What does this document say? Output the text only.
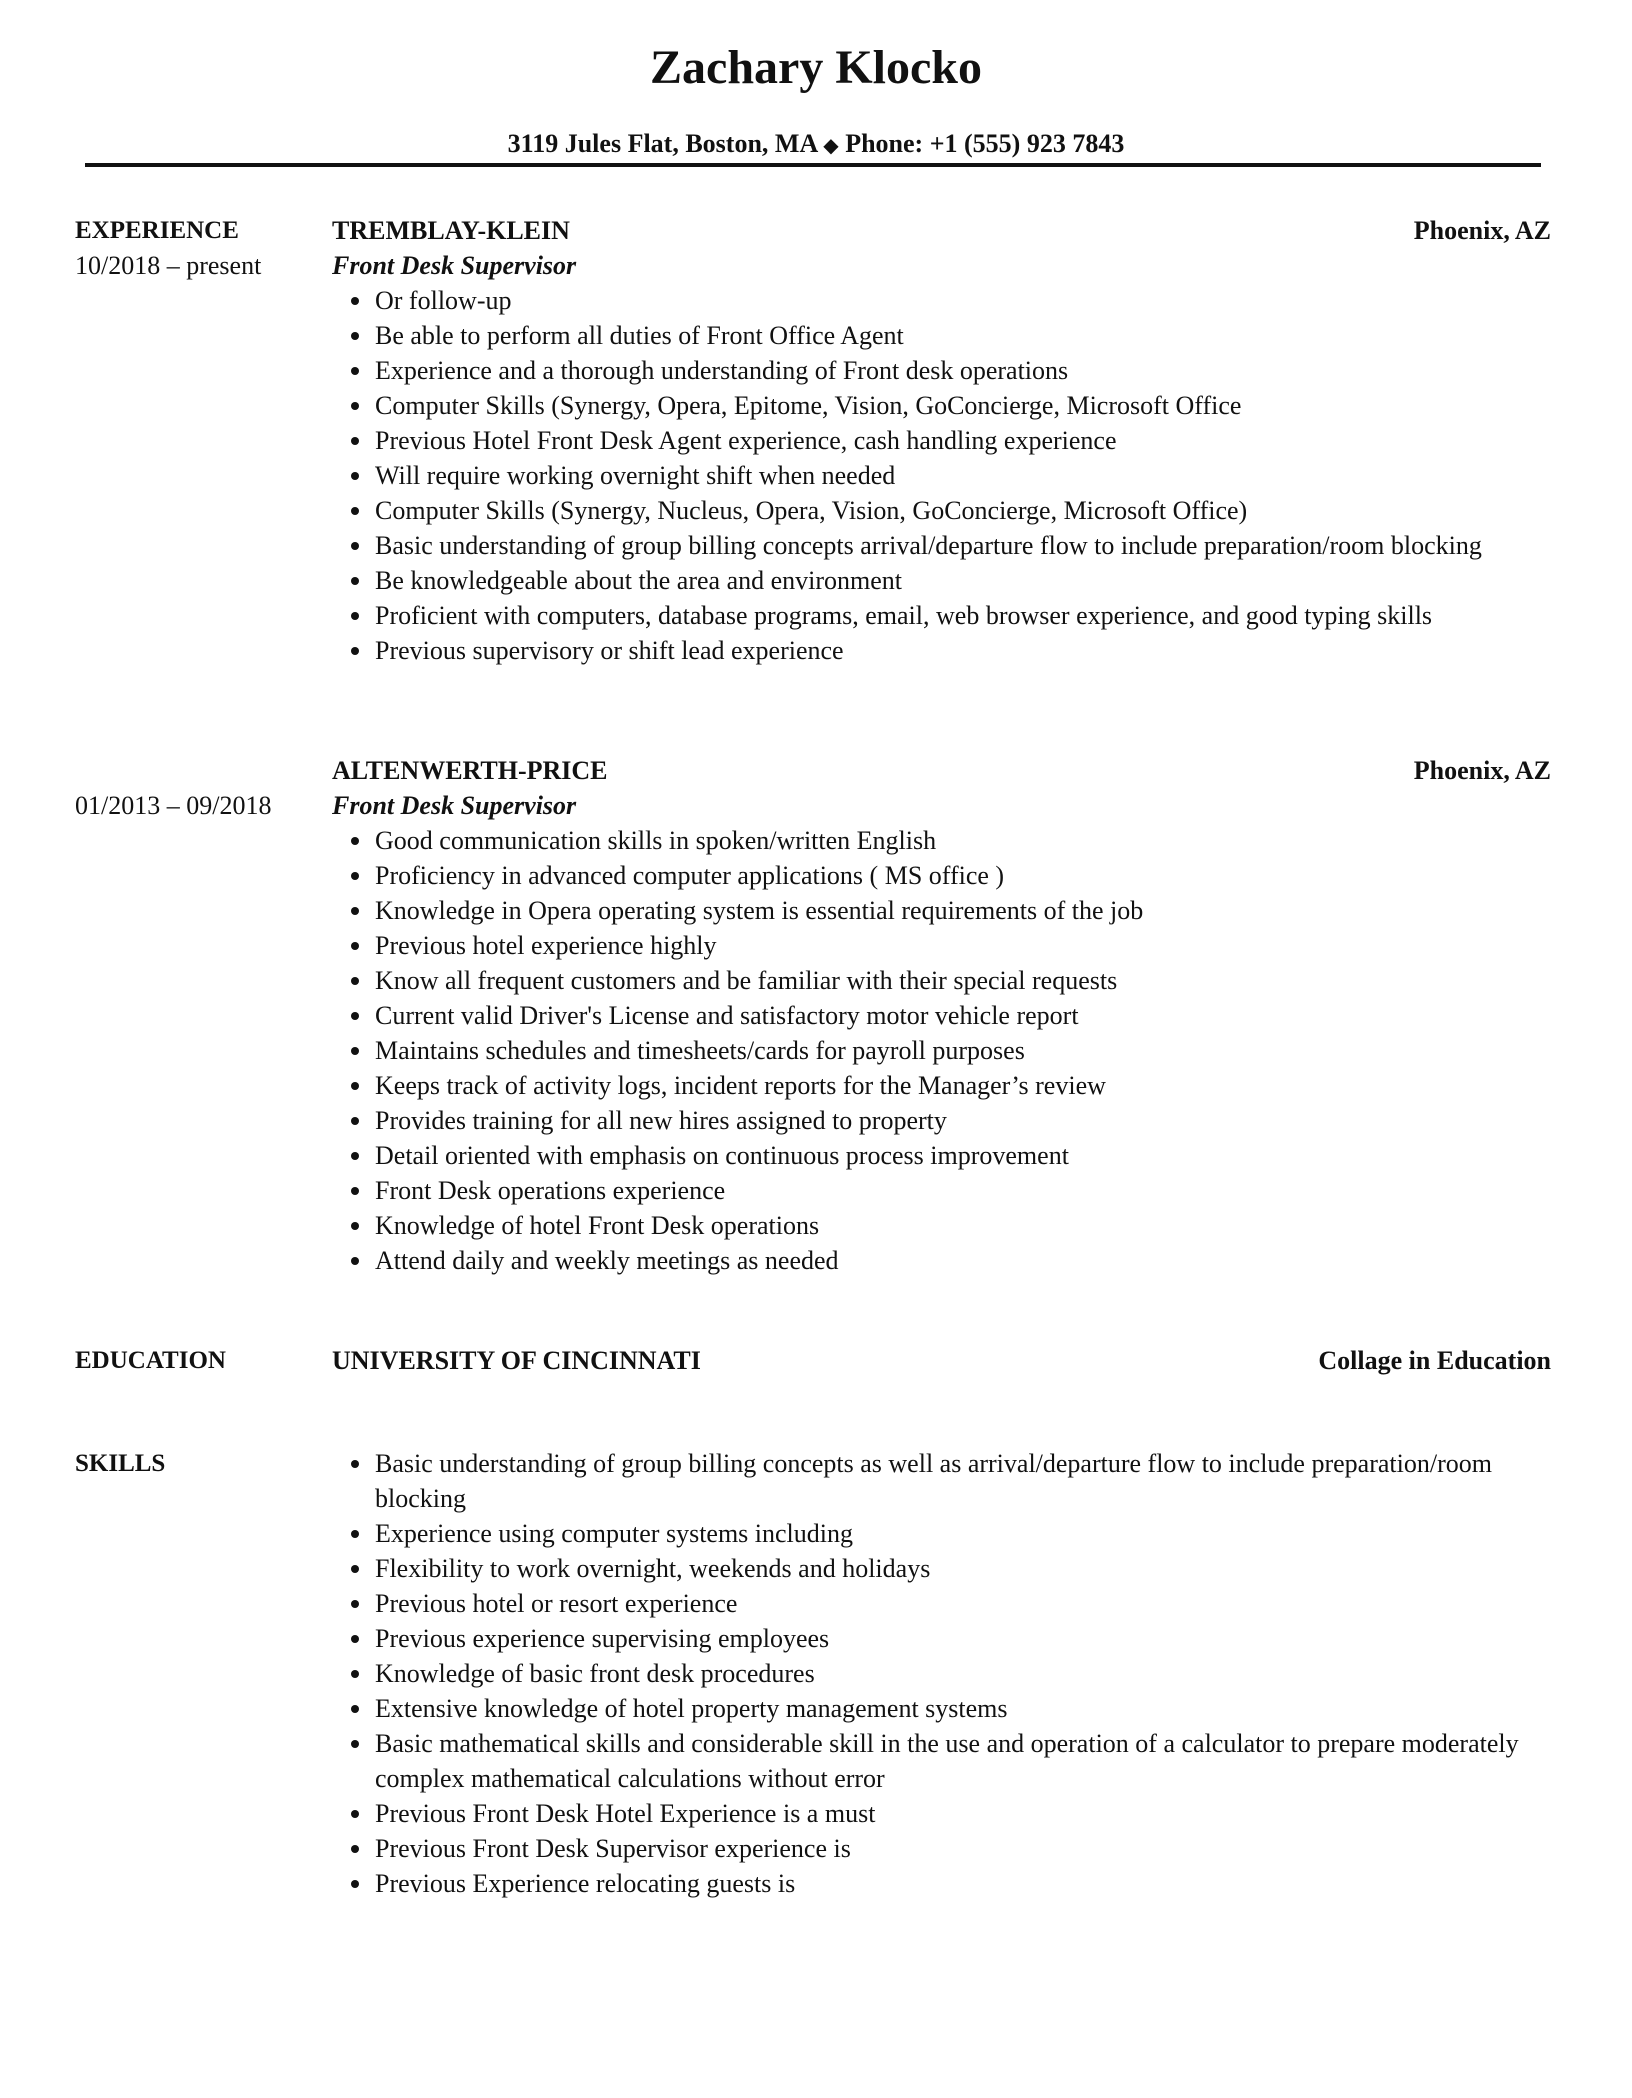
Zachary Klocko
3119 Jules Flat, Boston, MA ◆ Phone: +1 (555) 923 7843
EXPERIENCE
10/2018 – present
TREMBLAY-KLEIN	Phoenix, AZ
Front Desk Supervisor
Or follow-up
Be able to perform all duties of Front Office Agent
Experience and a thorough understanding of Front desk operations
Computer Skills (Synergy, Opera, Epitome, Vision, GoConcierge, Microsoft Office
Previous Hotel Front Desk Agent experience, cash handling experience
Will require working overnight shift when needed
Computer Skills (Synergy, Nucleus, Opera, Vision, GoConcierge, Microsoft Office)
Basic understanding of group billing concepts arrival/departure flow to include preparation/room blocking
Be knowledgeable about the area and environment
Proficient with computers, database programs, email, web browser experience, and good typing skills
Previous supervisory or shift lead experience
01/2013 – 09/2018
ALTENWERTH-PRICE	Phoenix, AZ
Front Desk Supervisor
Good communication skills in spoken/written English
Proficiency in advanced computer applications ( MS office )
Knowledge in Opera operating system is essential requirements of the job
Previous hotel experience highly
Know all frequent customers and be familiar with their special requests
Current valid Driver's License and satisfactory motor vehicle report
Maintains schedules and timesheets/cards for payroll purposes
Keeps track of activity logs, incident reports for the Manager’s review
Provides training for all new hires assigned to property
Detail oriented with emphasis on continuous process improvement
Front Desk operations experience
Knowledge of hotel Front Desk operations
Attend daily and weekly meetings as needed
EDUCATION	UNIVERSITY OF CINCINNATI	Collage in Education
SKILLS	Basic understanding of group billing concepts as well as arrival/departure flow to include preparation/room blocking
Experience using computer systems including
Flexibility to work overnight, weekends and holidays
Previous hotel or resort experience
Previous experience supervising employees
Knowledge of basic front desk procedures
Extensive knowledge of hotel property management systems
Basic mathematical skills and considerable skill in the use and operation of a calculator to prepare moderately complex mathematical calculations without error
Previous Front Desk Hotel Experience is a must
Previous Front Desk Supervisor experience is
Previous Experience relocating guests is
